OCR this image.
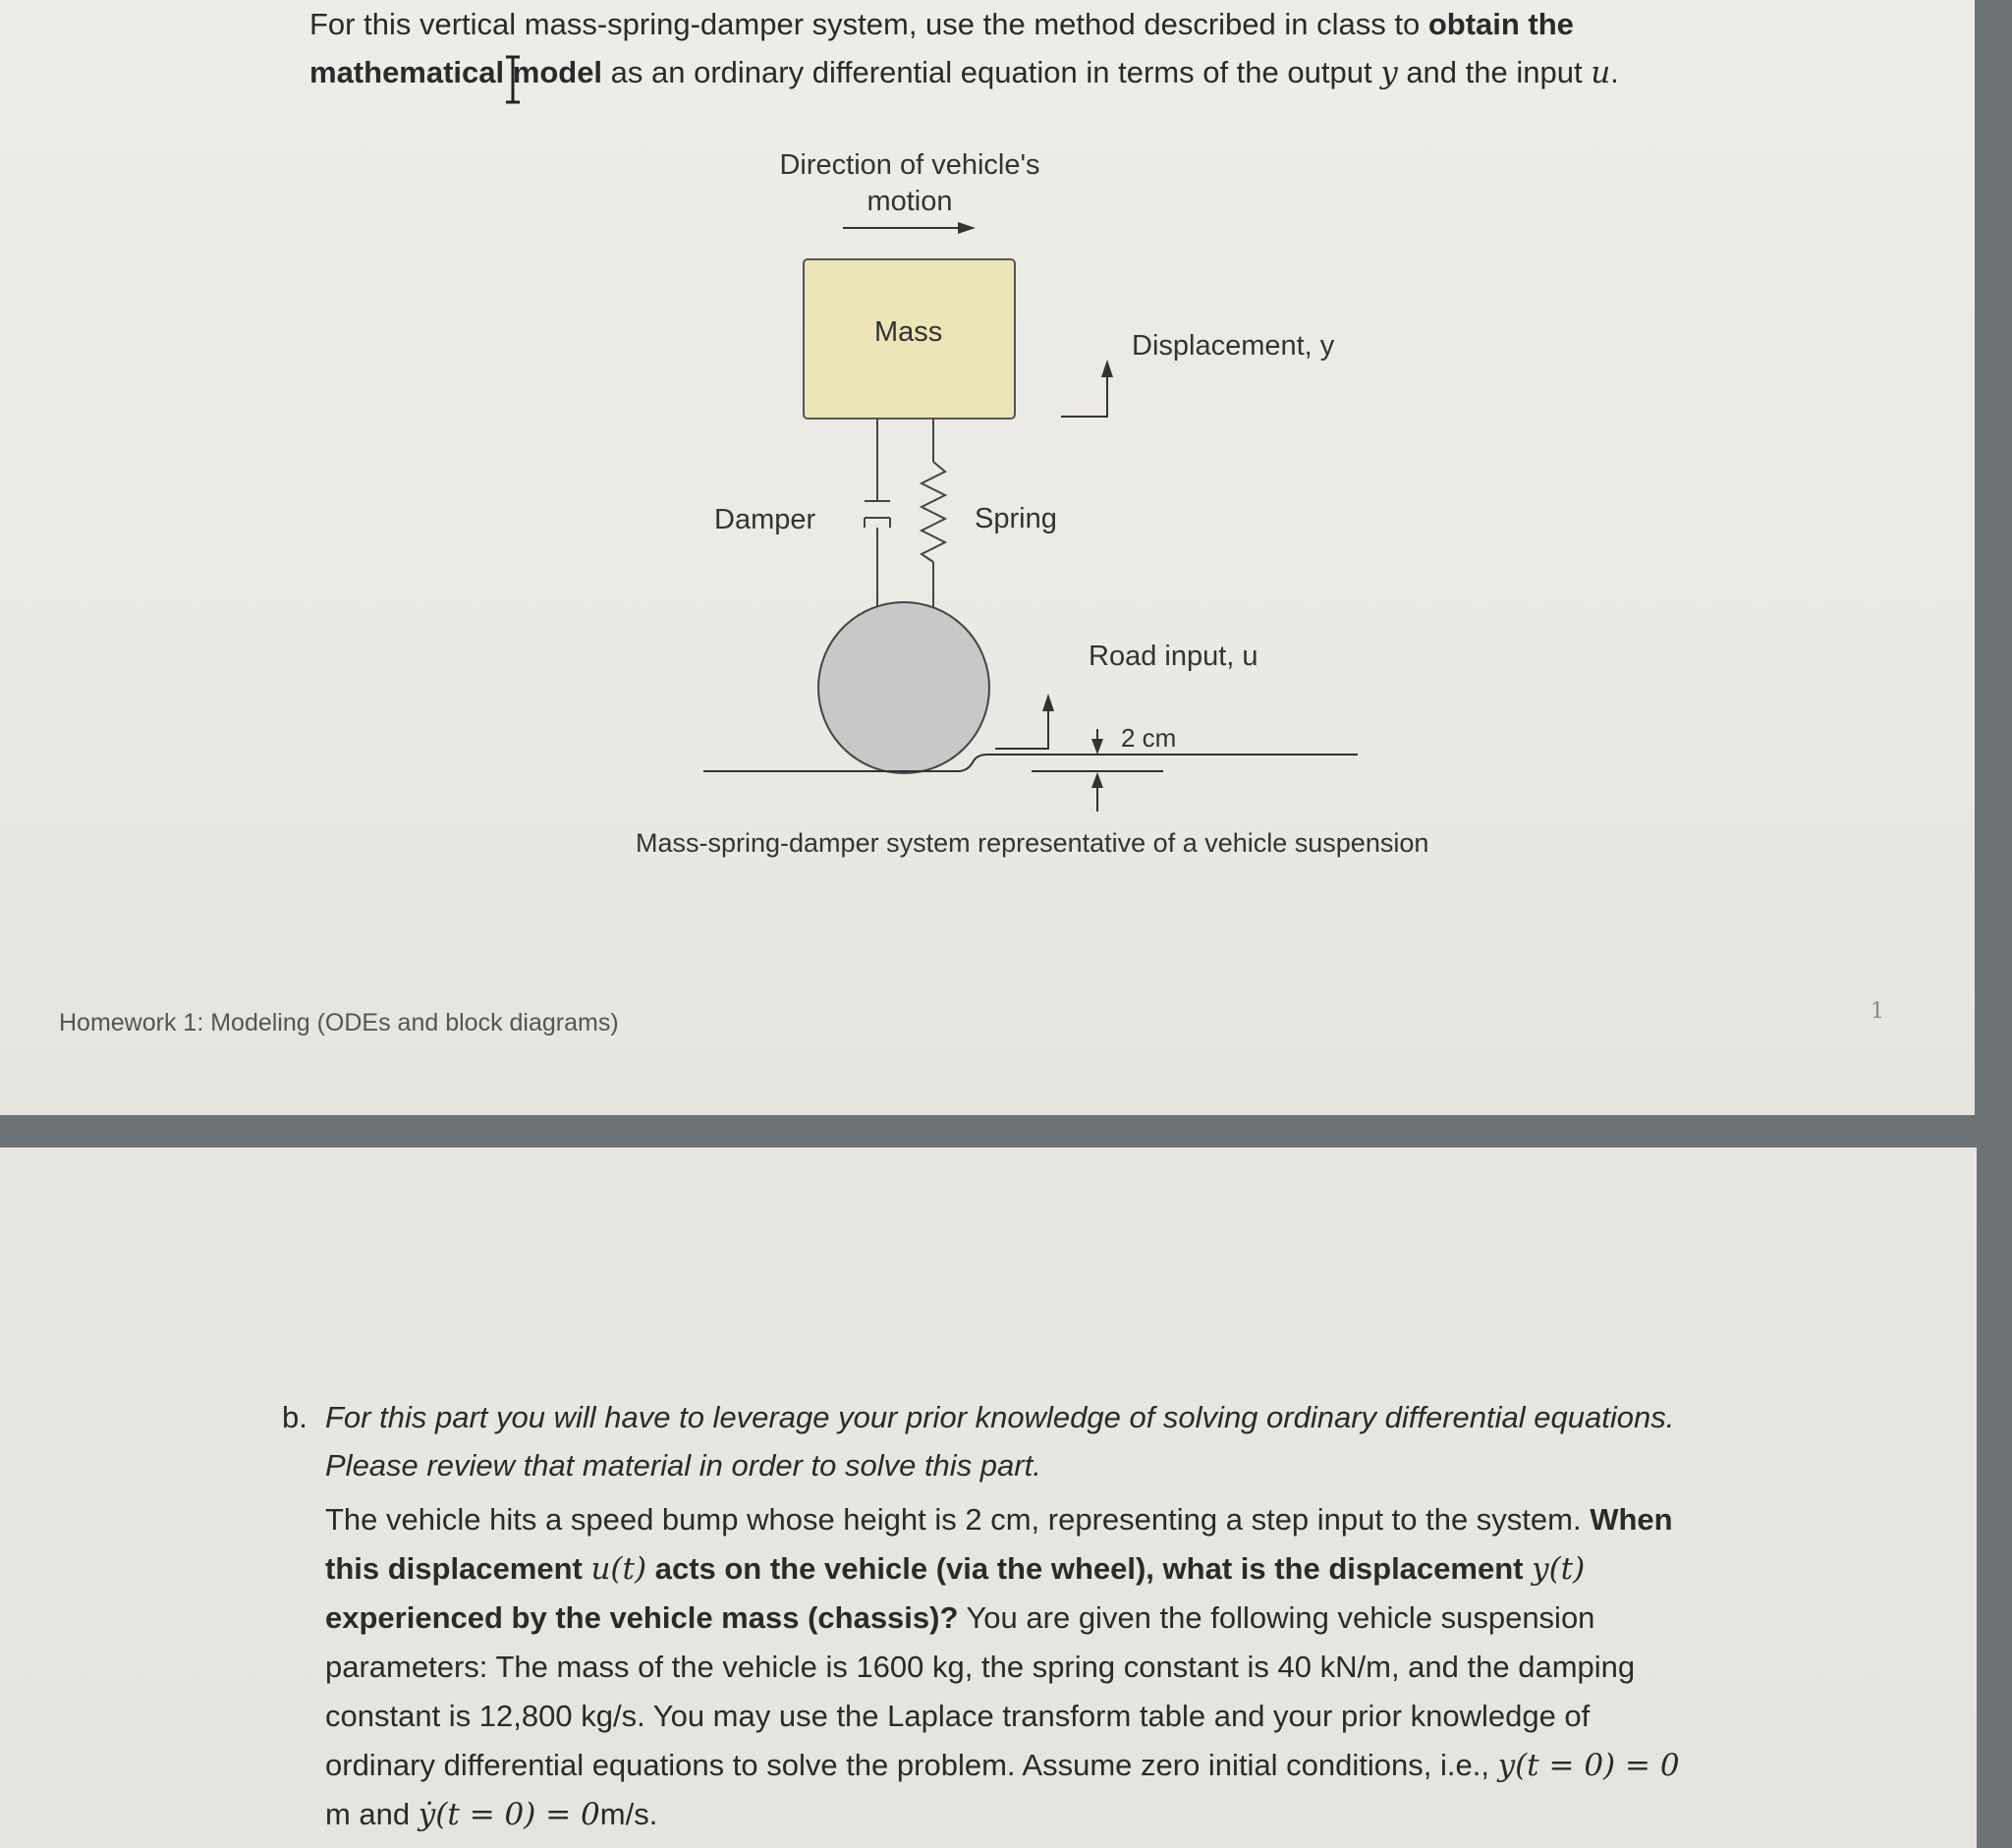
For this vertical mass-spring-damper system, use the method described in class to obtain the
mathematical model as an ordinary differential equation in terms of the output y and the input u.

Direction of vehicle's
motion
Mass	Displacement, y
Damper	Spring
Road input, u
2 cm
Mass-spring-damper system representative of a vehicle suspension
Homework 1: Modeling (ODEs and block diagrams)	1
b. For this part you will have to leverage your prior knowledge of solving ordinary differential equations.
Please review that material in order to solve this part.

The vehicle hits a speed bump whose height is 2 cm, representing a step input to the system. When
this displacement u(t) acts on the vehicle (via the wheel), what is the displacement y(t)
experienced by the vehicle mass (chassis)? You are given the following vehicle suspension
parameters: The mass of the vehicle is 1600 kg, the spring constant is 40 kN/m, and the damping
constant is 12,800 kg/s. You may use the Laplace transform table and your prior knowledge of
ordinary differential equations to solve the problem. Assume zero initial conditions, i.e., y(t = 0) = 0
m and ẏ(t = 0) = 0m/s.
